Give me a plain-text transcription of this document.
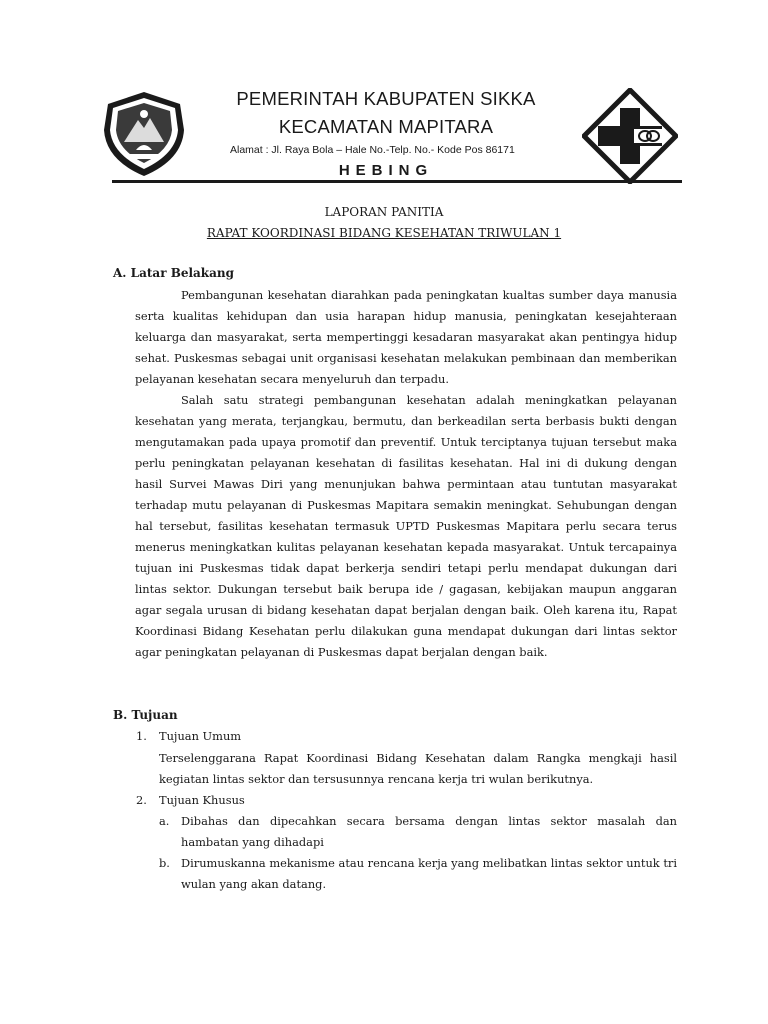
PEMERINTAH KABUPATEN SIKKA
KECAMATAN MAPITARA
Alamat : Jl. Raya Bola – Hale No.-Telp. No.- Kode Pos 86171
HEBING
LAPORAN PANITIA
RAPAT KOORDINASI BIDANG KESEHATAN TRIWULAN 1
A. Latar Belakang

Pembangunan kesehatan diarahkan pada peningkatan kualtas sumber daya manusia serta kualitas kehidupan dan usia harapan hidup manusia, peningkatan kesejahteraan keluarga dan masyarakat, serta mempertinggi kesadaran masyarakat akan pentingya hidup sehat. Puskesmas sebagai unit organisasi kesehatan melakukan pembinaan dan memberikan pelayanan kesehatan secara menyeluruh dan terpadu.

Salah satu strategi pembangunan kesehatan adalah meningkatkan pelayanan kesehatan yang merata, terjangkau, bermutu, dan berkeadilan serta berbasis bukti dengan mengutamakan pada upaya promotif dan preventif. Untuk terciptanya tujuan tersebut maka perlu peningkatan pelayanan kesehatan di fasilitas kesehatan. Hal ini di dukung dengan hasil Survei Mawas Diri yang menunjukan bahwa permintaan atau tuntutan masyarakat terhadap mutu pelayanan di Puskesmas Mapitara semakin meningkat. Sehubungan dengan hal tersebut, fasilitas kesehatan termasuk UPTD Puskesmas Mapitara perlu secara terus menerus meningkatkan kulitas pelayanan kesehatan kepada masyarakat. Untuk tercapainya tujuan ini Puskesmas tidak dapat berkerja sendiri tetapi perlu mendapat dukungan dari lintas sektor. Dukungan tersebut baik berupa ide / gagasan, kebijakan maupun anggaran agar segala urusan di bidang kesehatan dapat berjalan dengan baik. Oleh karena itu, Rapat Koordinasi Bidang Kesehatan perlu dilakukan guna mendapat dukungan dari lintas sektor agar peningkatan pelayanan di Puskesmas dapat berjalan dengan baik.

B. Tujuan
1. Tujuan Umum
Terselenggarana Rapat Koordinasi Bidang Kesehatan dalam Rangka mengkaji hasil kegiatan lintas sektor dan tersusunnya rencana kerja tri wulan berikutnya.
2. Tujuan Khusus
a. Dibahas dan dipecahkan secara bersama dengan lintas sektor masalah dan hambatan yang dihadapi
b. Dirumuskanna mekanisme atau rencana kerja yang melibatkan lintas sektor untuk tri wulan yang akan datang.
